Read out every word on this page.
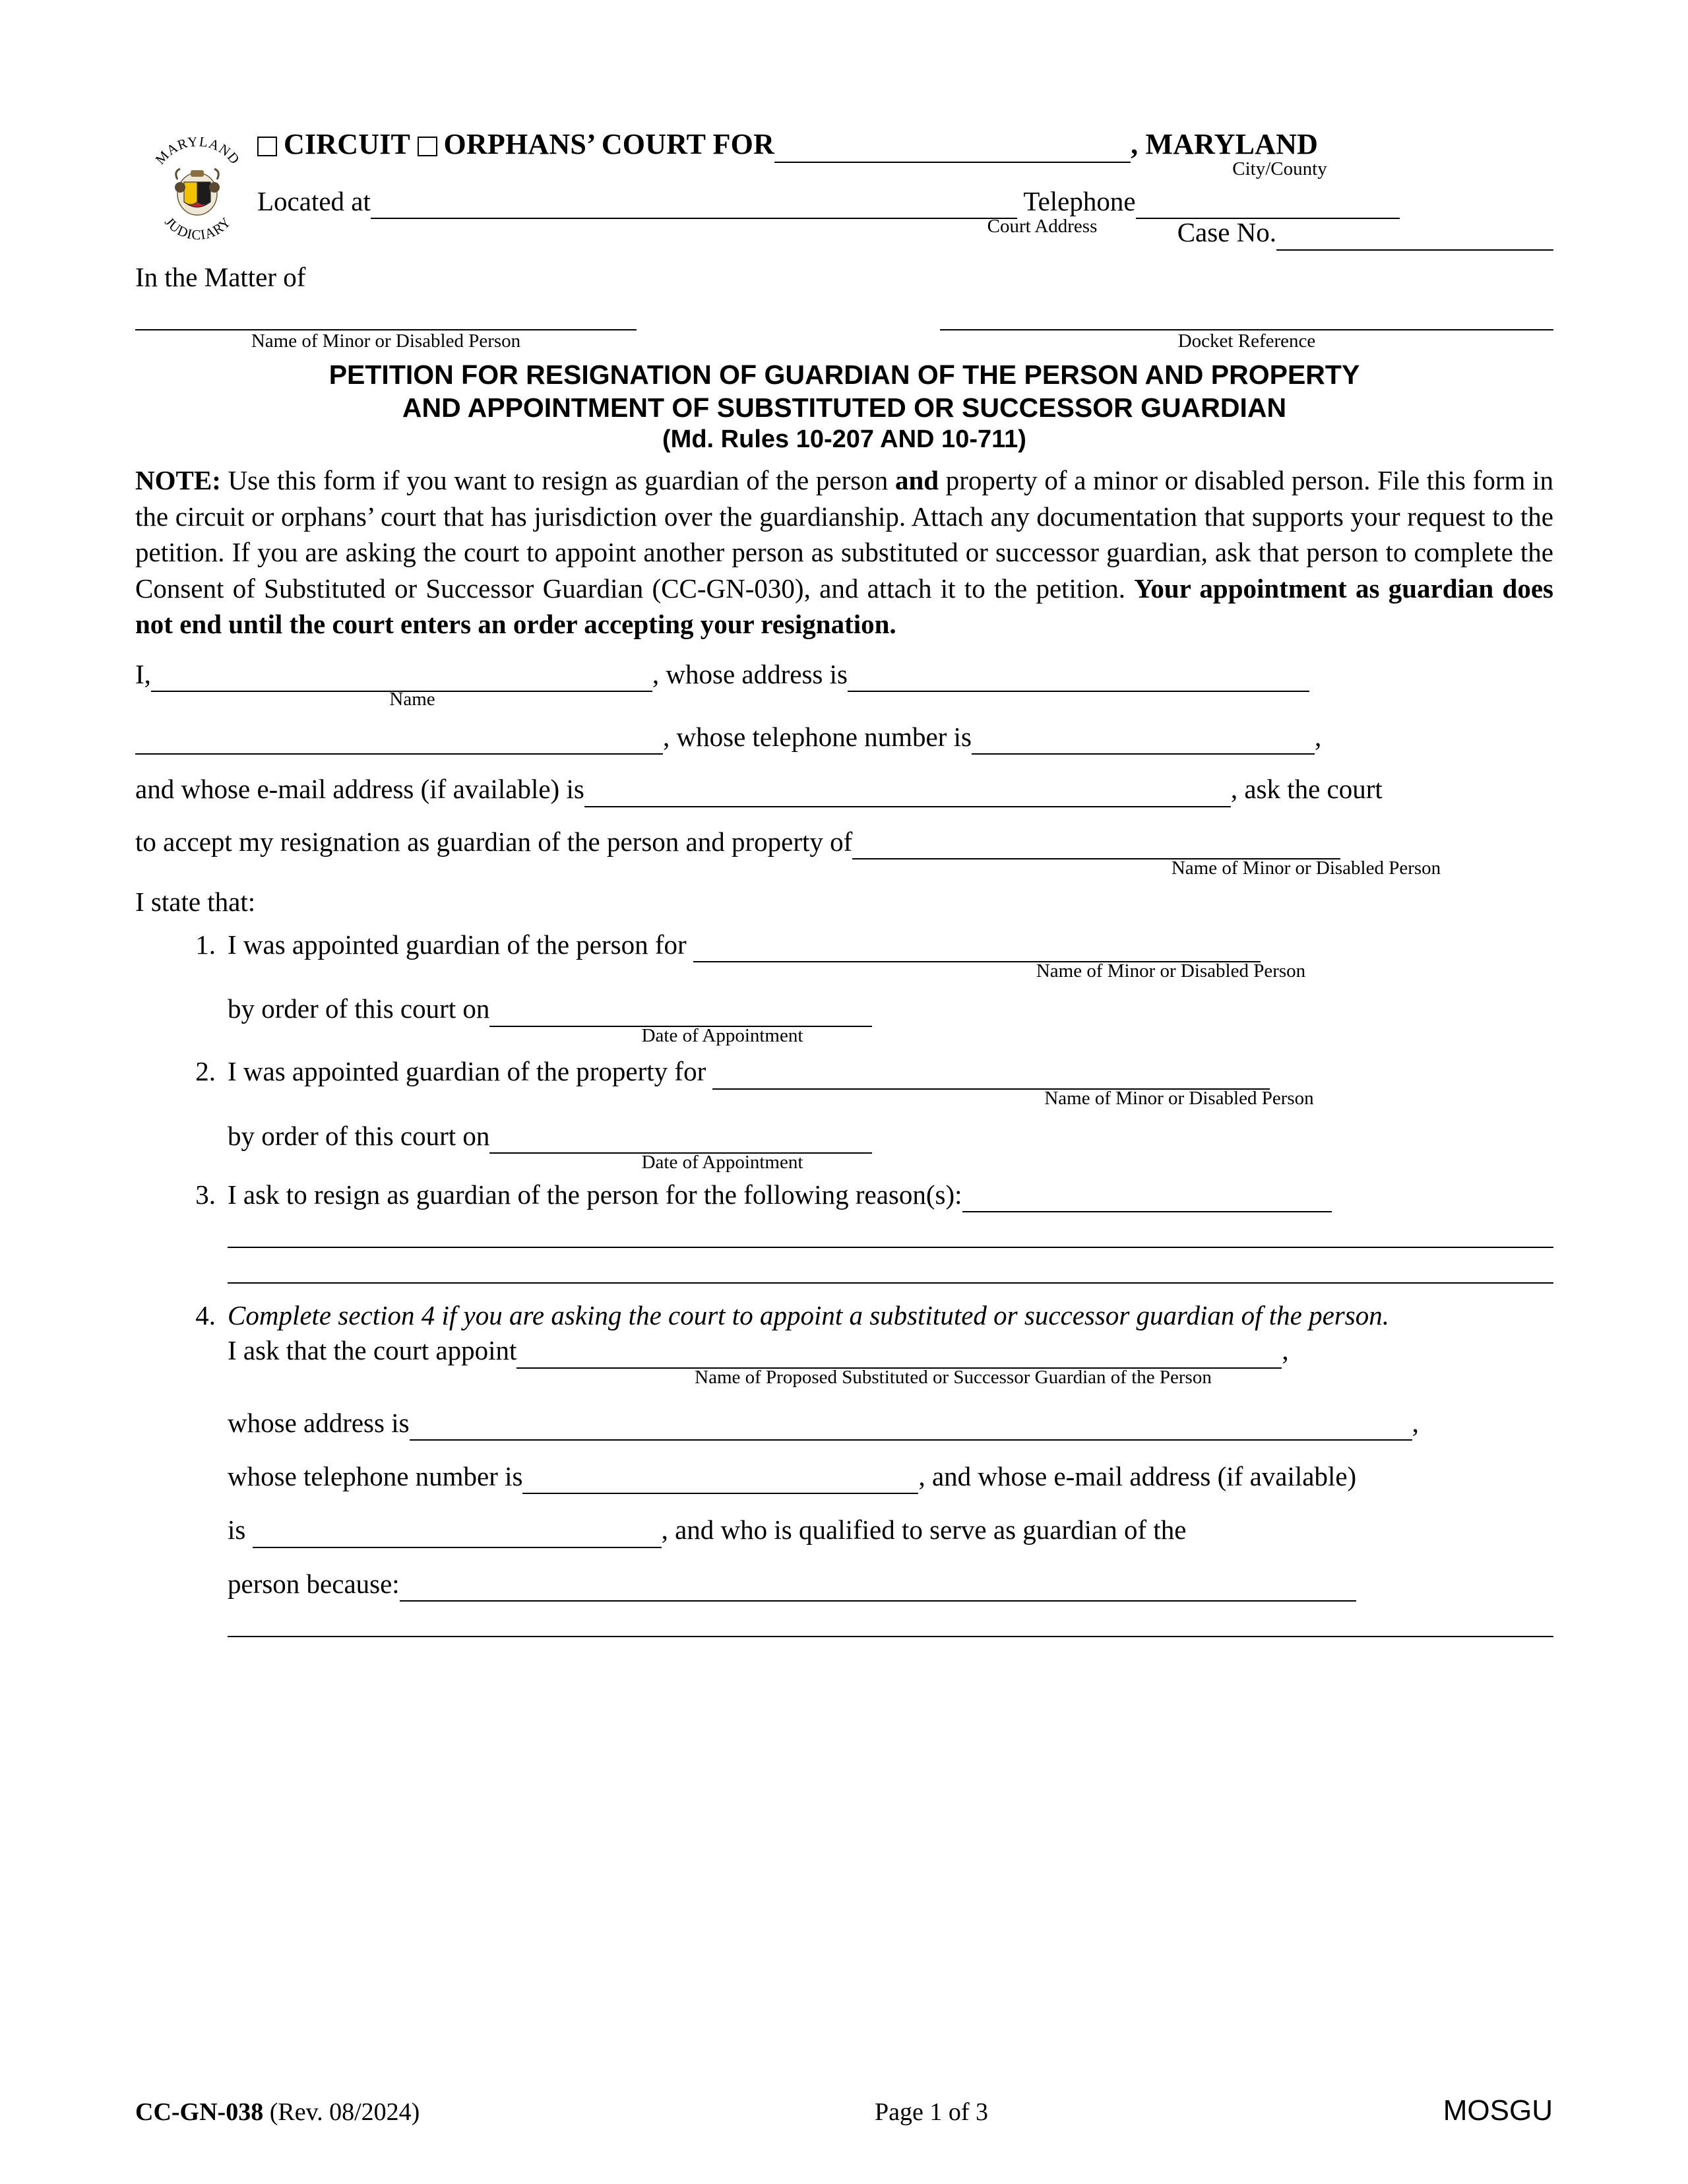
MARYLAND
JUDICIARY
CIRCUIT ORPHANS’ COURT FOR	, MARYLAND
City/County
Located at	Telephone
Court Address	Case No.
In the Matter of
Name of Minor or Disabled Person	Docket Reference
PETITION FOR RESIGNATION OF GUARDIAN OF THE PERSON AND PROPERTY
AND APPOINTMENT OF SUBSTITUTED OR SUCCESSOR GUARDIAN
(Md. Rules 10-207 AND 10-711)
NOTE: Use this form if you want to resign as guardian of the person and property of a minor or disabled person. File this form in the circuit or orphans’ court that has jurisdiction over the guardianship. Attach any documentation that supports your request to the petition. If you are asking the court to appoint another person as substituted or successor guardian, ask that person to complete the Consent of Substituted or Successor Guardian (CC-GN-030), and attach it to the petition. Your appointment as guardian does not end until the court enters an order accepting your resignation.
I,	, whose address is
Name
, whose telephone number is	,
and whose e-mail address (if available) is	, ask the court
to accept my resignation as guardian of the person and property of
Name of Minor or Disabled Person
I state that:
1. I was appointed guardian of the person for
Name of Minor or Disabled Person
by order of this court on
Date of Appointment
2. I was appointed guardian of the property for
Name of Minor or Disabled Person
by order of this court on
Date of Appointment
3. I ask to resign as guardian of the person for the following reason(s):
4. Complete section 4 if you are asking the court to appoint a substituted or successor guardian of the person.
I ask that the court appoint	,
Name of Proposed Substituted or Successor Guardian of the Person
whose address is	,
whose telephone number is	, and whose e-mail address (if available)
is	, and who is qualified to serve as guardian of the
person because:
CC-GN-038 (Rev. 08/2024)	Page 1 of 3	MOSGU
